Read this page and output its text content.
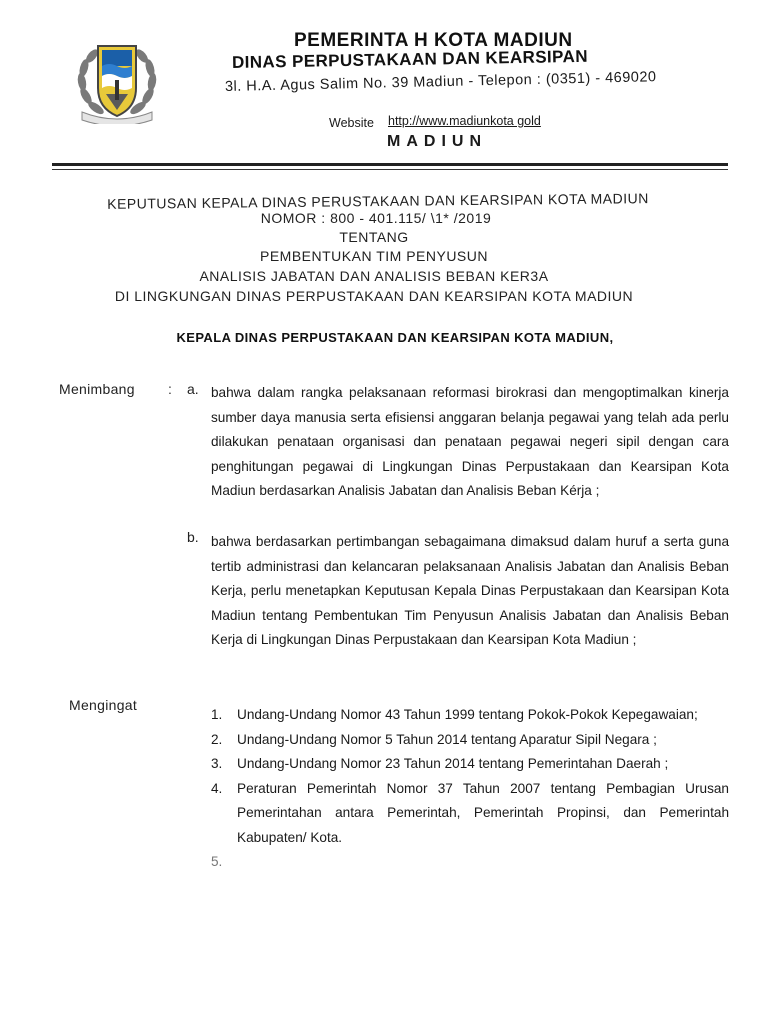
PEMERINTA H KOTA MADIUN
DINAS PERPUSTAKAAN DAN KEARSIPAN
3l. H.A. Agus Salim No. 39 Madiun - Telepon : (0351) - 469020
Website http://www.madiunkota gold
MADIUN
KEPUTUSAN KEPALA DINAS PERUSTAKAAN DAN KEARSIPAN KOTA MADIUN
NOMOR : 800 - 401.115/ \1* /2019
TENTANG
PEMBENTUKAN TIM PENYUSUN
ANALISIS JABATAN DAN ANALISIS BEBAN KER3A
DI LINGKUNGAN DINAS PERPUSTAKAAN DAN KEARSIPAN KOTA MADIUN
KEPALA DINAS PERPUSTAKAAN DAN KEARSIPAN KOTA MADIUN,
Menimbang : a. bahwa dalam rangka pelaksanaan reformasi birokrasi dan mengoptimalkan kinerja sumber daya manusia serta efisiensi anggaran belanja pegawai yang telah ada perlu dilakukan penataan organisasi dan penataan pegawai negeri sipil dengan cara penghitungan pegawai di Lingkungan Dinas Perpustakaan dan Kearsipan Kota Madiun berdasarkan Analisis Jabatan dan Analisis Beban Kérja ;
b. bahwa berdasarkan pertimbangan sebagaimana dimaksud dalam huruf a serta guna tertib administrasi dan kelancaran pelaksanaan Analisis Jabatan dan Analisis Beban Kerja, perlu menetapkan Keputusan Kepala Dinas Perpustakaan dan Kearsipan Kota Madiun tentang Pembentukan Tim Penyusun Analisis Jabatan dan Analisis Beban Kerja di Lingkungan Dinas Perpustakaan dan Kearsipan Kota Madiun ;
Mengingat
1. Undang-Undang Nomor 43 Tahun 1999 tentang Pokok-Pokok Kepegawaian;
2. Undang-Undang Nomor 5 Tahun 2014 tentang Aparatur Sipil Negara ;
3. Undang-Undang Nomor 23 Tahun 2014 tentang Pemerintahan Daerah ;
4. Peraturan Pemerintah Nomor 37 Tahun 2007 tentang Pembagian Urusan Pemerintahan antara Pemerintah, Pemerintah Propinsi, dan Pemerintah Kabupaten/ Kota.
5.
